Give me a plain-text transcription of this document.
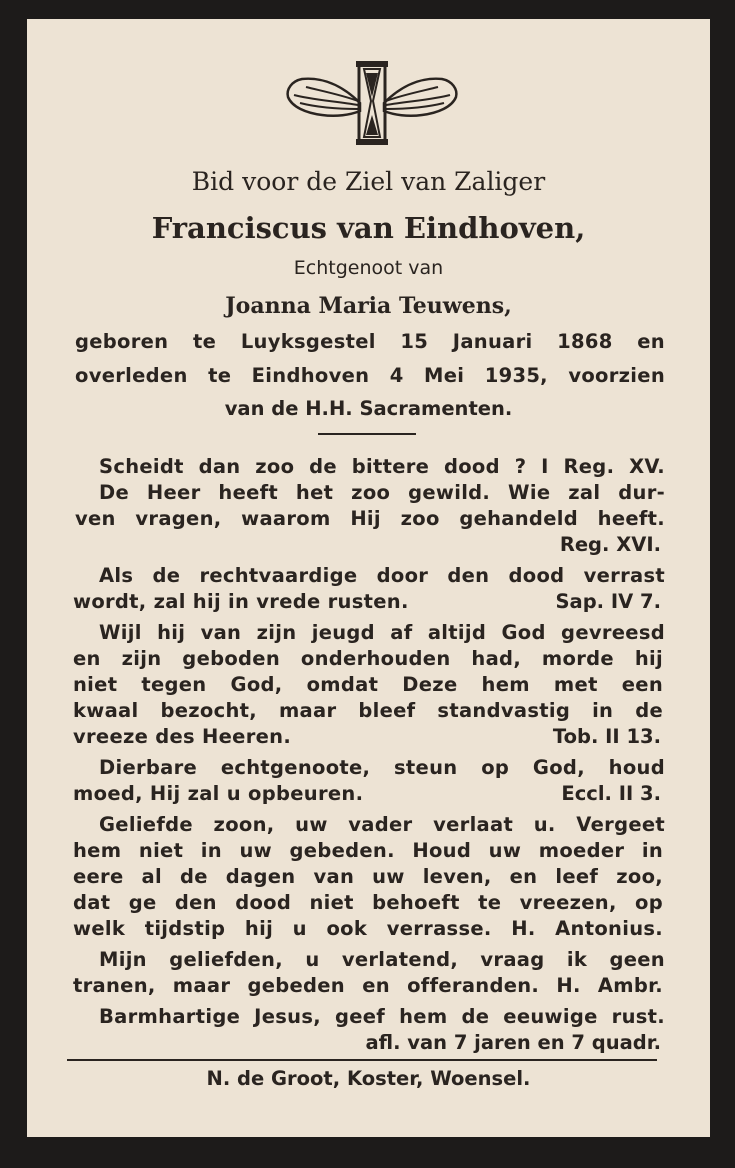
Bid voor de Ziel van Zaliger
Franciscus van Eindhoven,
Echtgenoot van
Joanna Maria Teuwens,
geboren te Luyksgestel 15 Januari 1868 en
overleden te Eindhoven 4 Mei 1935, voorzien
van de H.H. Sacramenten.
Scheidt dan zoo de bittere dood ? I Reg. XV.
De Heer heeft het zoo gewild. Wie zal dur-
ven vragen, waarom Hij zoo gehandeld heeft.
Reg. XVI.
Als de rechtvaardige door den dood verrast
wordt, zal hij in vrede rusten.	Sap. IV 7.
Wijl hij van zijn jeugd af altijd God gevreesd
en zijn geboden onderhouden had, morde hij
niet tegen God, omdat Deze hem met een
kwaal bezocht, maar bleef standvastig in de
vreeze des Heeren.	Tob. II 13.
Dierbare echtgenoote, steun op God, houd
moed, Hij zal u opbeuren.	Eccl. II 3.
Geliefde zoon, uw vader verlaat u. Vergeet
hem niet in uw gebeden. Houd uw moeder in
eere al de dagen van uw leven, en leef zoo,
dat ge den dood niet behoeft te vreezen, op
welk tijdstip hij u ook verrasse. H. Antonius.
Mijn geliefden, u verlatend, vraag ik geen
tranen, maar gebeden en offeranden. H. Ambr.
Barmhartige Jesus, geef hem de eeuwige rust.
afl. van 7 jaren en 7 quadr.
N. de Groot, Koster, Woensel.
